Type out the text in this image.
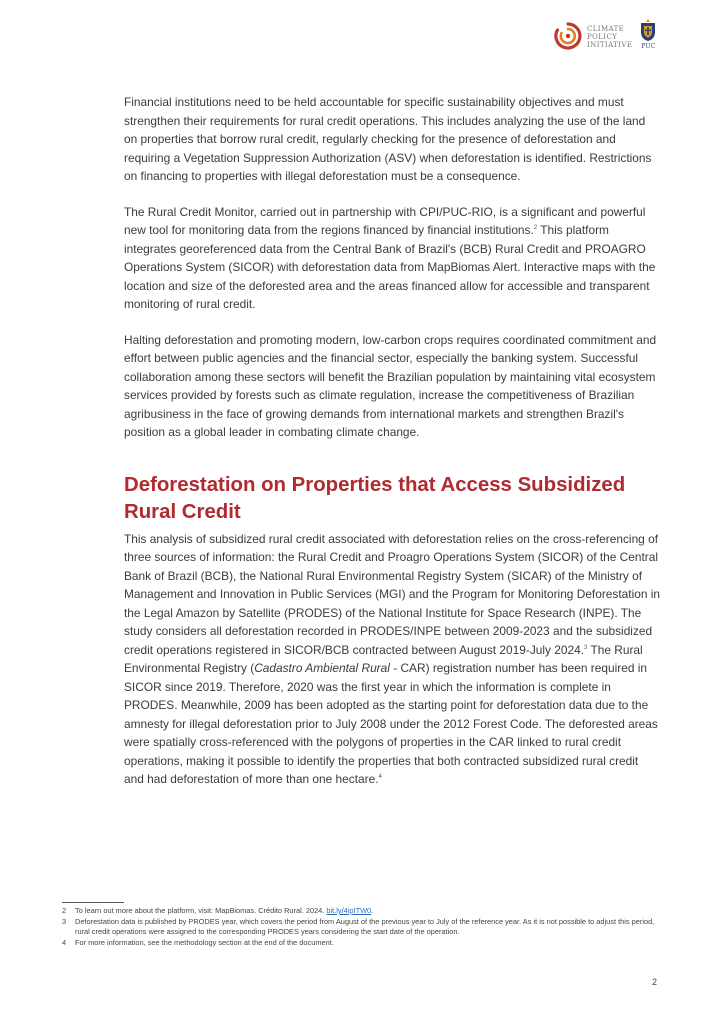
CLIMATE
POLICY
INITIATIVE PUC

Financial institutions need to be held accountable for specific sustainability objectives and must strengthen their requirements for rural credit operations. This includes analyzing the use of the land on properties that borrow rural credit, regularly checking for the presence of deforestation and requiring a Vegetation Suppression Authorization (ASV) when deforestation is identified. Restrictions on financing to properties with illegal deforestation must be a consequence.

The Rural Credit Monitor, carried out in partnership with CPI/PUC-RIO, is a significant and powerful new tool for monitoring data from the regions financed by financial institutions.$^2$ This platform integrates georeferenced data from the Central Bank of Brazil's (BCB) Rural Credit and PROAGRO Operations System (SICOR) with deforestation data from MapBiomas Alert. Interactive maps with the location and size of the deforested area and the areas financed allow for accessible and transparent monitoring of rural credit.

Halting deforestation and promoting modern, low-carbon crops requires coordinated commitment and effort between public agencies and the financial sector, especially the banking system. Successful collaboration among these sectors will benefit the Brazilian population by maintaining vital ecosystem services provided by forests such as climate regulation, increase the competitiveness of Brazilian agribusiness in the face of growing demands from international markets and strengthen Brazil's position as a global leader in combating climate change.

Deforestation on Properties that Access Subsidized Rural Credit

This analysis of subsidized rural credit associated with deforestation relies on the cross-referencing of three sources of information: the Rural Credit and Proagro Operations System (SICOR) of the Central Bank of Brazil (BCB), the National Rural Environmental Registry System (SICAR) of the Ministry of Management and Innovation in Public Services (MGI) and the Program for Monitoring Deforestation in the Legal Amazon by Satellite (PRODES) of the National Institute for Space Research (INPE). The study considers all deforestation recorded in PRODES/INPE between 2009-2023 and the subsidized credit operations registered in SICOR/BCB contracted between August 2019-July 2024.$^3$ The Rural Environmental Registry (Cadastro Ambiental Rural - CAR) registration number has been required in SICOR since 2019. Therefore, 2020 was the first year in which the information is complete in PRODES. Meanwhile, 2009 has been adopted as the starting point for deforestation data due to the amnesty for illegal deforestation prior to July 2008 under the 2012 Forest Code. The deforested areas were spatially cross-referenced with the polygons of properties in the CAR linked to rural credit operations, making it possible to identify the properties that both contracted subsidized rural credit and had deforestation of more than one hectare.$^4$

2	To learn out more about the platform, visit: MapBiomas. Crédito Rural. 2024. bit.ly/4ipITW0.
3	Deforestation data is published by PRODES year, which covers the period from August of the previous year to July of the reference year. As it is not possible to adjust this period, rural credit operations were assigned to the corresponding PRODES years considering the start date of the operation.
4	For more information, see the methodology section at the end of the document.
2
